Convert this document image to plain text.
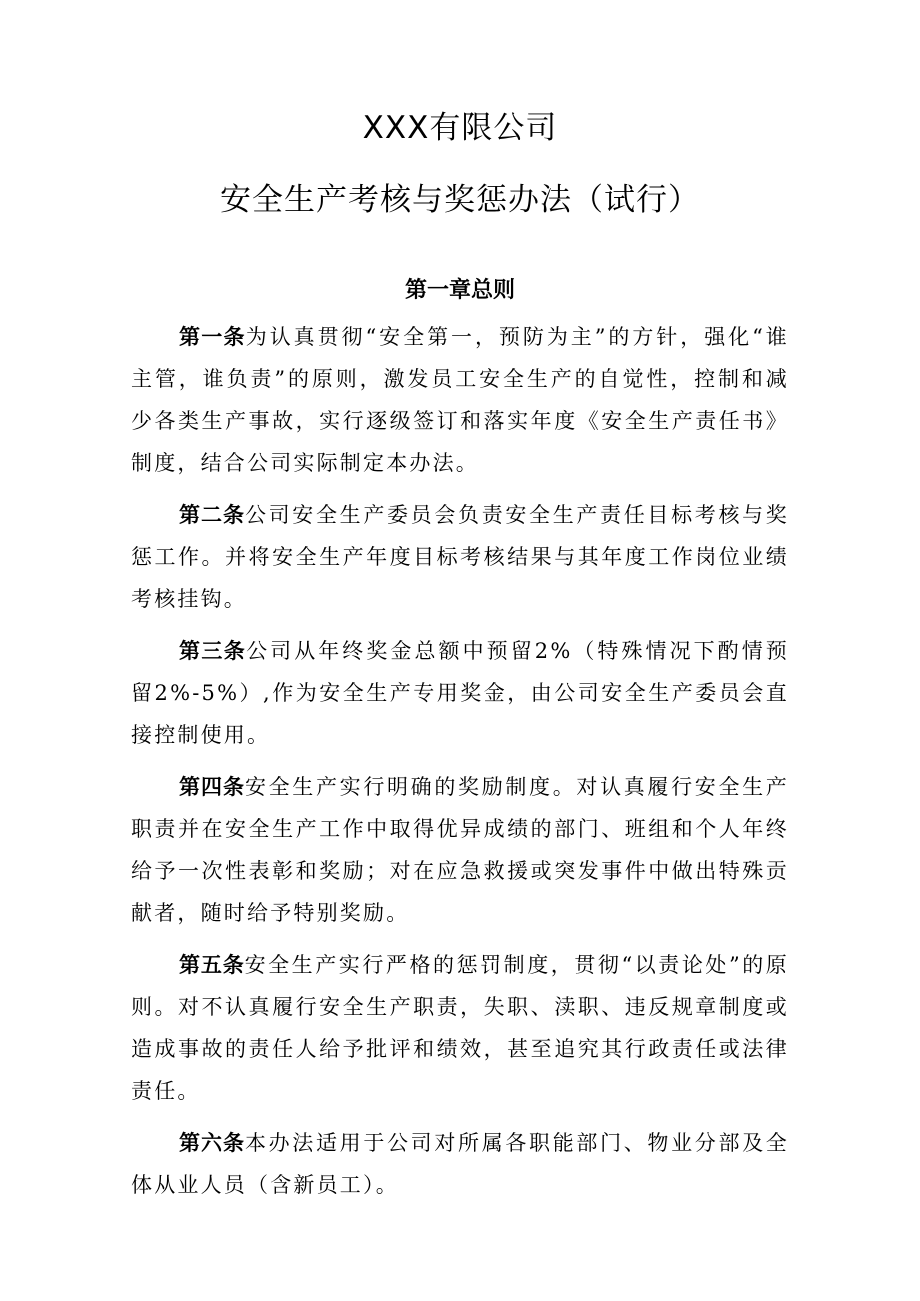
XXX有限公司
安全生产考核与奖惩办法（试行）
第一章总则

第一条为认真贯彻“安全第一，预防为主”的方针，强化“谁主管，谁负责”的原则，激发员工安全生产的自觉性，控制和减少各类生产事故，实行逐级签订和落实年度《安全生产责任书》制度，结合公司实际制定本办法。

第二条公司安全生产委员会负责安全生产责任目标考核与奖惩工作。并将安全生产年度目标考核结果与其年度工作岗位业绩考核挂钩。

第三条公司从年终奖金总额中预留2%（特殊情况下酌情预留2%-5%）,作为安全生产专用奖金，由公司安全生产委员会直接控制使用。

第四条安全生产实行明确的奖励制度。对认真履行安全生产职责并在安全生产工作中取得优异成绩的部门、班组和个人年终给予一次性表彰和奖励；对在应急救援或突发事件中做出特殊贡献者，随时给予特别奖励。

第五条安全生产实行严格的惩罚制度，贯彻“以责论处”的原则。对不认真履行安全生产职责，失职、渎职、违反规章制度或造成事故的责任人给予批评和绩效，甚至追究其行政责任或法律责任。

第六条本办法适用于公司对所属各职能部门、物业分部及全体从业人员（含新员工）。
